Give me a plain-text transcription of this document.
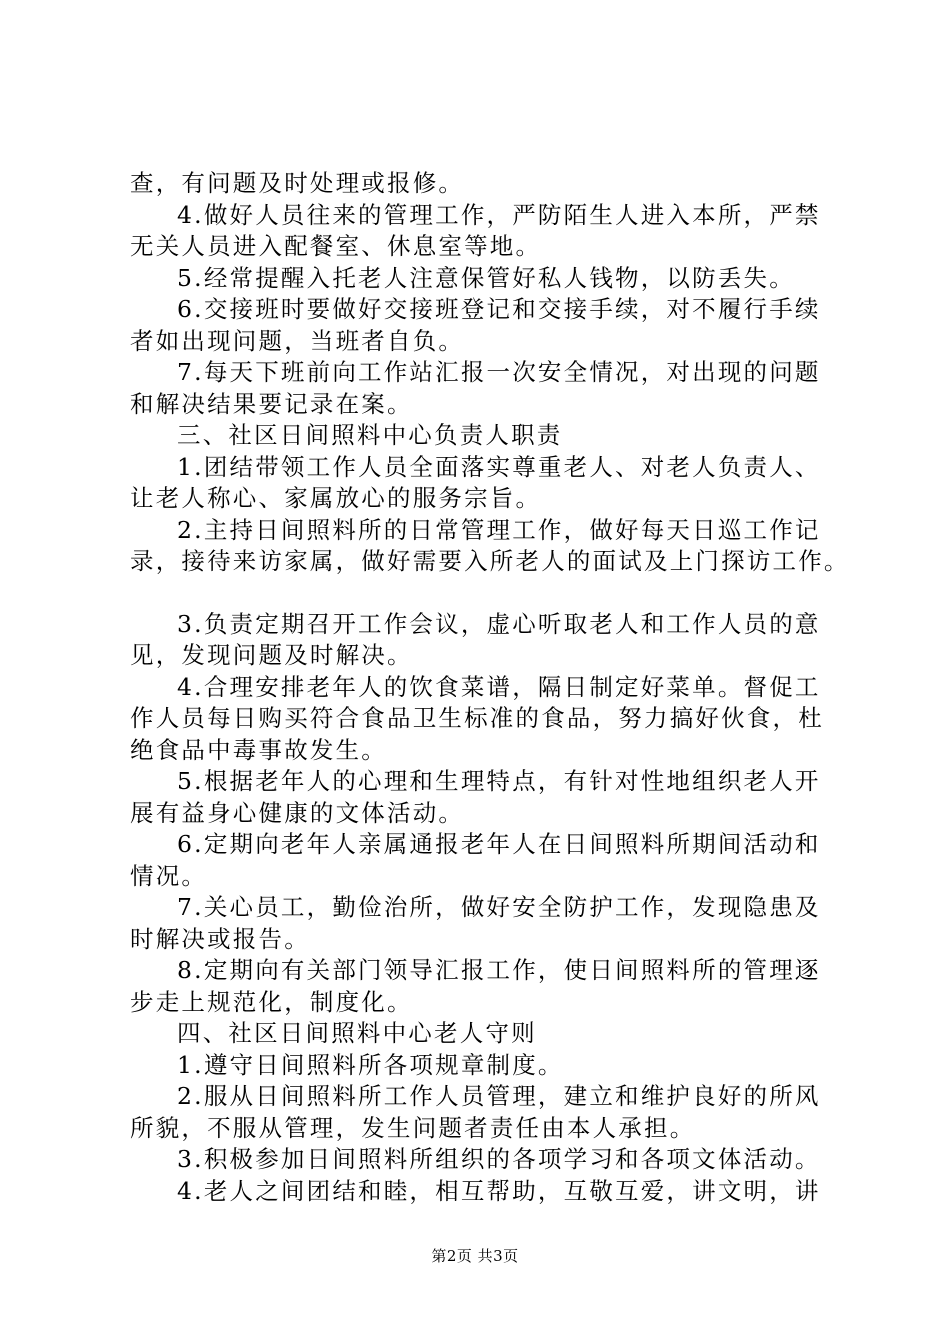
查，有问题及时处理或报修。
4.做好人员往来的管理工作，严防陌生人进入本所，严禁
无关人员进入配餐室、休息室等地。
5.经常提醒入托老人注意保管好私人钱物，以防丢失。
6.交接班时要做好交接班登记和交接手续，对不履行手续
者如出现问题，当班者自负。
7.每天下班前向工作站汇报一次安全情况，对出现的问题
和解决结果要记录在案。
三、社区日间照料中心负责人职责
1.团结带领工作人员全面落实尊重老人、对老人负责人、
让老人称心、家属放心的服务宗旨。
2.主持日间照料所的日常管理工作，做好每天日巡工作记
录，接待来访家属，做好需要入所老人的面试及上门探访工作。
3.负责定期召开工作会议，虚心听取老人和工作人员的意
见，发现问题及时解决。
4.合理安排老年人的饮食菜谱，隔日制定好菜单。督促工
作人员每日购买符合食品卫生标准的食品，努力搞好伙食，杜
绝食品中毒事故发生。
5.根据老年人的心理和生理特点，有针对性地组织老人开
展有益身心健康的文体活动。
6.定期向老年人亲属通报老年人在日间照料所期间活动和
情况。
7.关心员工，勤俭治所，做好安全防护工作，发现隐患及
时解决或报告。
8.定期向有关部门领导汇报工作，使日间照料所的管理逐
步走上规范化，制度化。
四、社区日间照料中心老人守则
1.遵守日间照料所各项规章制度。
2.服从日间照料所工作人员管理，建立和维护良好的所风
所貌，不服从管理，发生问题者责任由本人承担。
3.积极参加日间照料所组织的各项学习和各项文体活动。
4.老人之间团结和睦，相互帮助，互敬互爱，讲文明，讲
第2页 共3页
